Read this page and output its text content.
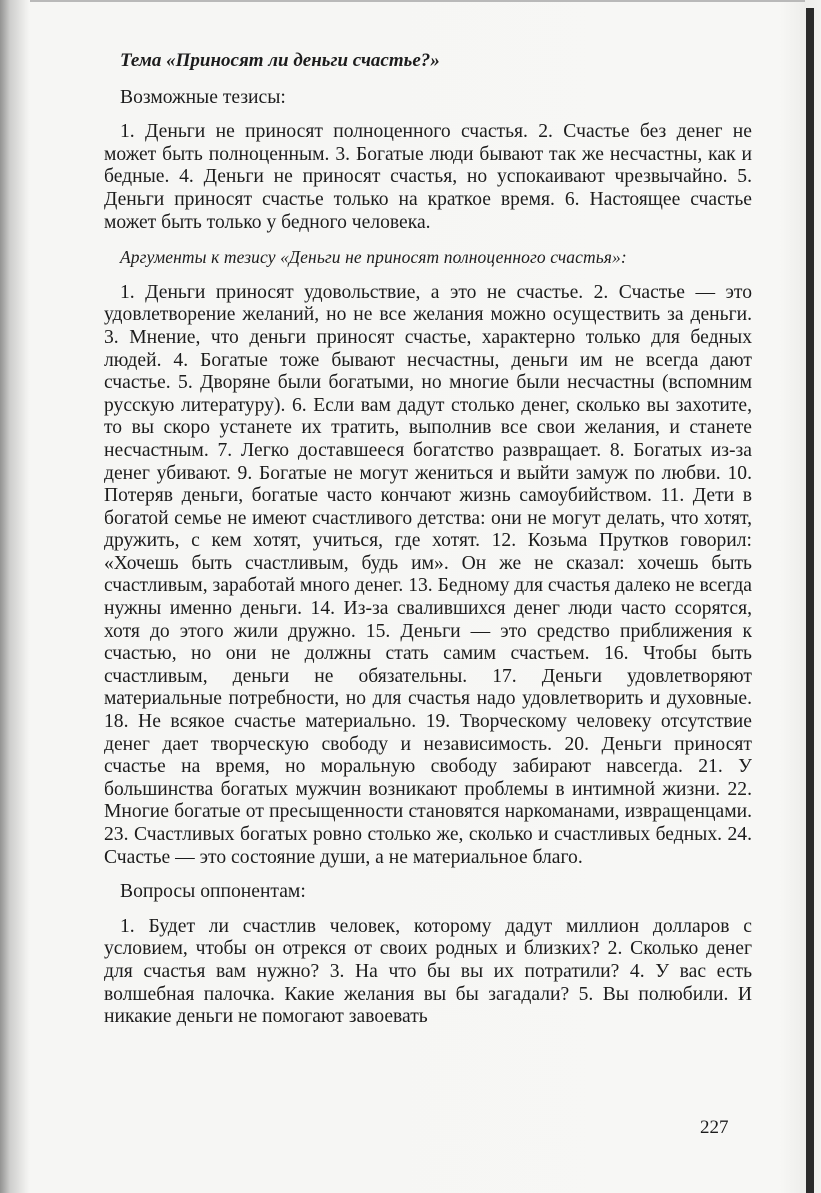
Тема «Приносят ли деньги счастье?»
Возможные тезисы:

1. Деньги не приносят полноценного счастья. 2. Счастье без денег не может быть полноценным. 3. Богатые люди бывают так же несчастны, как и бедные. 4. Деньги не приносят счастья, но успокаивают чрезвычайно. 5. Деньги приносят счастье только на краткое время. 6. Настоящее счастье может быть только у бедного человека.

Аргументы к тезису «Деньги не приносят полноценного счастья»:

1. Деньги приносят удовольствие, а это не счастье. 2. Счастье — это удовлетворение желаний, но не все желания можно осуществить за деньги. 3. Мнение, что деньги приносят счастье, характерно только для бедных людей. 4. Богатые тоже бывают несчастны, деньги им не всегда дают счастье. 5. Дворяне были богатыми, но многие были несчастны (вспомним русскую литературу). 6. Если вам дадут столько денег, сколько вы захотите, то вы скоро устанете их тратить, выполнив все свои желания, и станете несчастным. 7. Легко доставшееся богатство развращает. 8. Богатых из-за денег убивают. 9. Богатые не могут жениться и выйти замуж по любви. 10. Потеряв деньги, богатые часто кончают жизнь самоубийством. 11. Дети в богатой семье не имеют счастливого детства: они не могут делать, что хотят, дружить, с кем хотят, учиться, где хотят. 12. Козьма Прутков говорил: «Хочешь быть счастливым, будь им». Он же не сказал: хочешь быть счастливым, заработай много денег. 13. Бедному для счастья далеко не всегда нужны именно деньги. 14. Из-за свалившихся денег люди часто ссорятся, хотя до этого жили дружно. 15. Деньги — это средство приближения к счастью, но они не должны стать самим счастьем. 16. Чтобы быть счастливым, деньги не обязательны. 17. Деньги удовлетворяют материальные потребности, но для счастья надо удовлетворить и духовные. 18. Не всякое счастье материально. 19. Творческому человеку отсутствие денег дает творческую свободу и независимость. 20. Деньги приносят счастье на время, но моральную свободу забирают навсегда. 21. У большинства богатых мужчин возникают проблемы в интимной жизни. 22. Многие богатые от пресыщенности становятся наркоманами, извращенцами. 23. Счастливых богатых ровно столько же, сколько и счастливых бедных. 24. Счастье — это состояние души, а не материальное благо.

Вопросы оппонентам:

1. Будет ли счастлив человек, которому дадут миллион долларов с условием, чтобы он отрекся от своих родных и близких? 2. Сколько денег для счастья вам нужно? 3. На что бы вы их потратили? 4. У вас есть волшебная палочка. Какие желания вы бы загадали? 5. Вы полюбили. И никакие деньги не помогают завоевать

227
